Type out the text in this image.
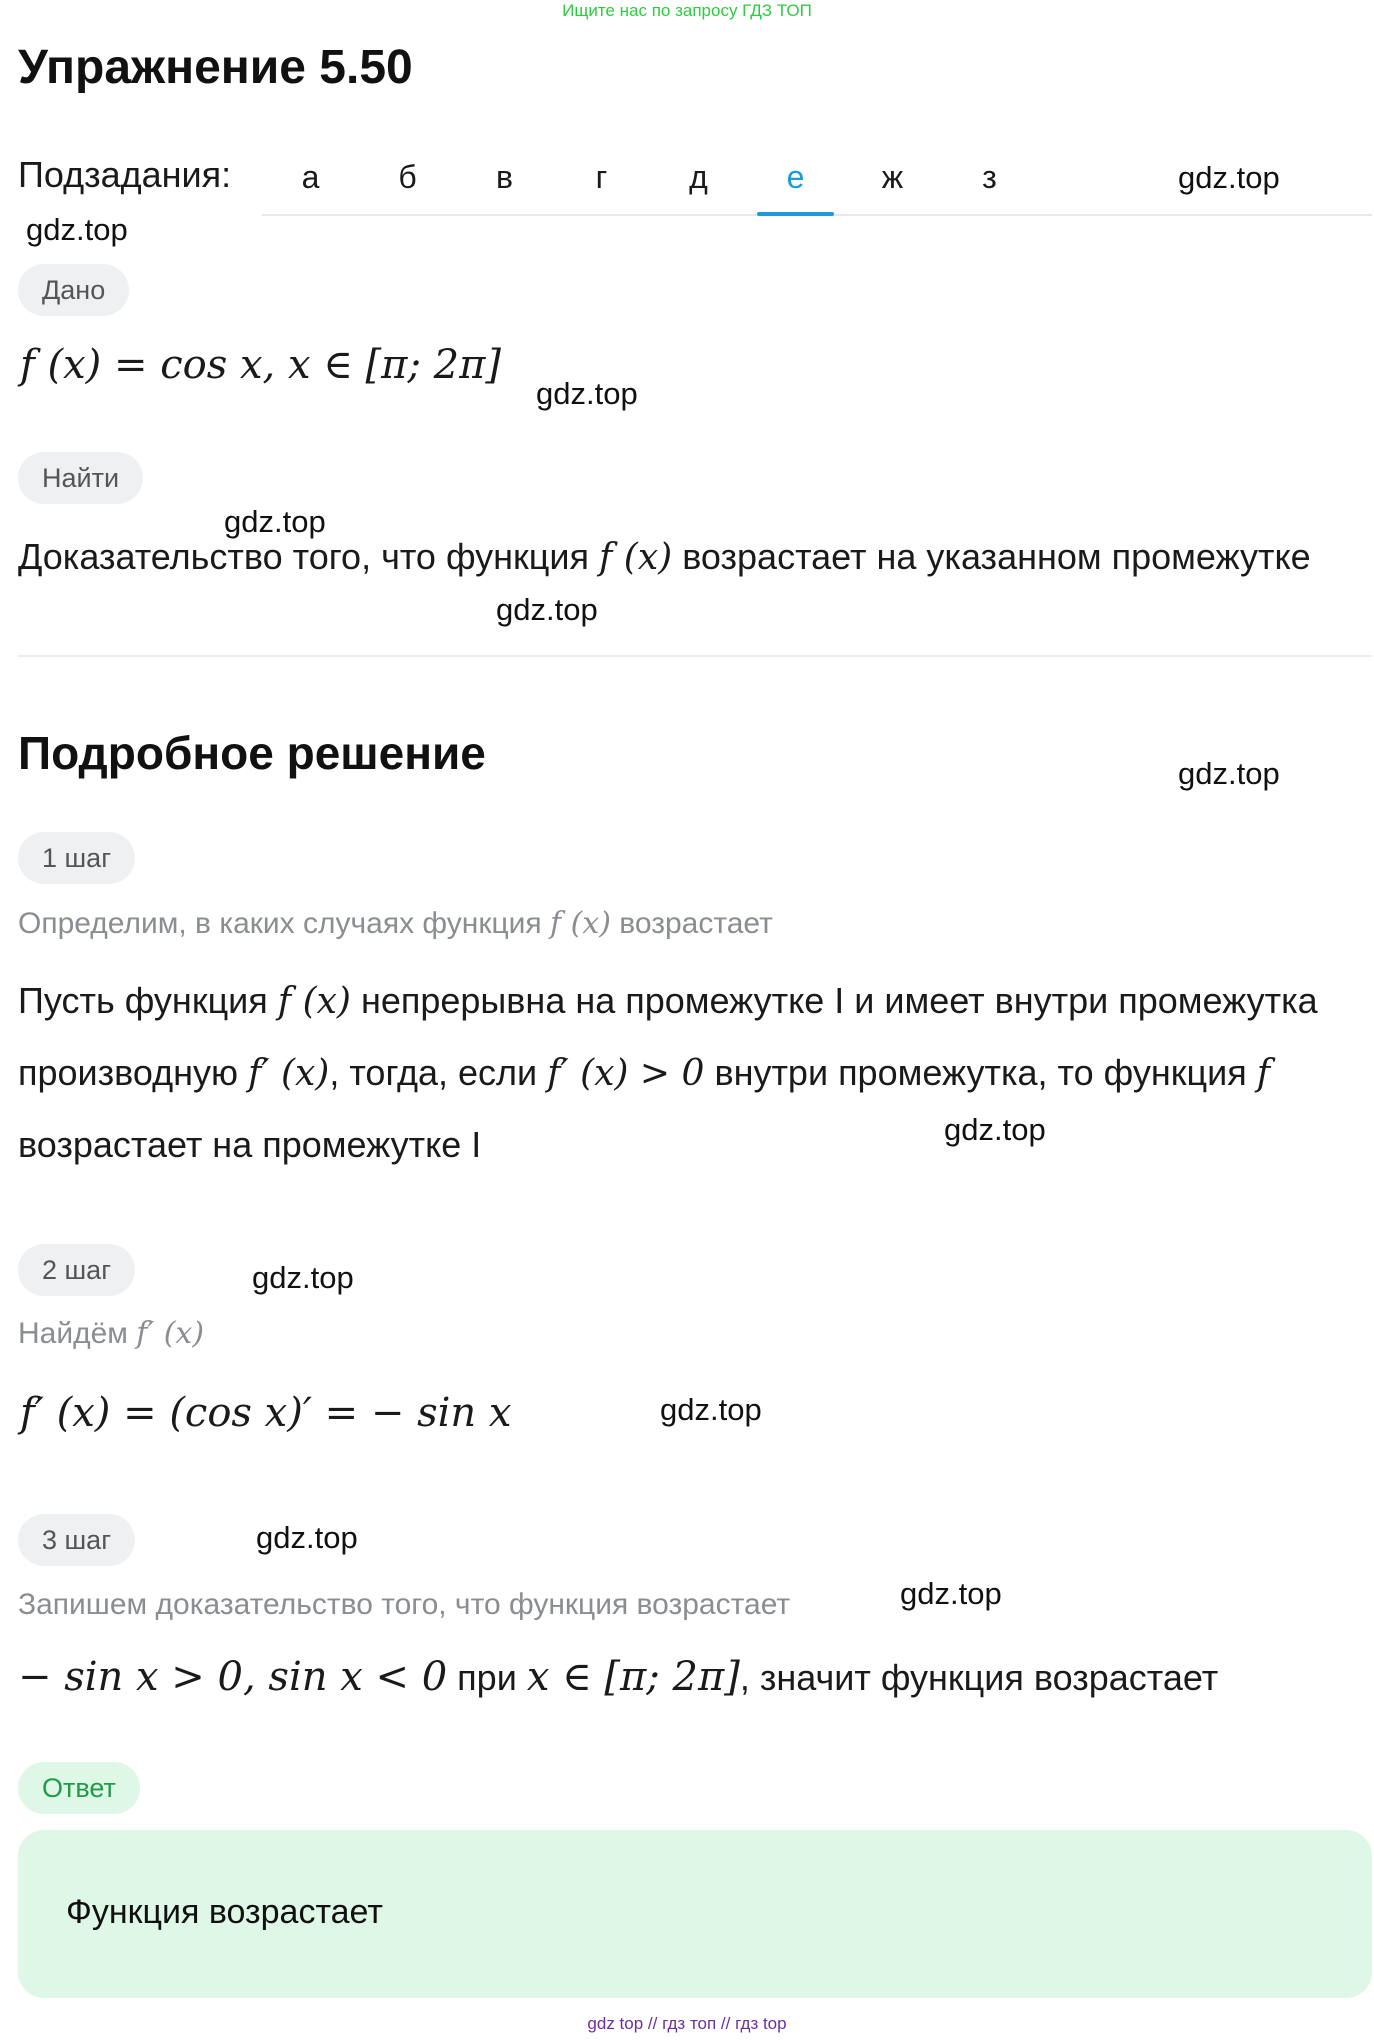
Ищите нас по запросу ГДЗ ТОП
Упражнение 5.50
Подзадания:	а	б	в	г	д	е	ж	з	gdz.top
gdz.top
gdz.top
gdz.top
gdz.top
gdz.top
gdz.top
gdz.top
gdz.top
gdz.top
gdz.top
Дано
f (x) = cos x, x ∈ [π; 2π]
Найти
Доказательство того, что функция f (x) возрастает на указанном промежутке
Подробное решение
1 шаг
Определим, в каких случаях функция f (x) возрастает
Пусть функция f (x) непрерывна на промежутке I и имеет внутри промежутка
производную f′ (x), тогда, если f′ (x) > 0 внутри промежутка, то функция f
возрастает на промежутке I
2 шаг
Найдём f′ (x)
f′ (x) = (cos x)′ = − sin x
3 шаг
Запишем доказательство того, что функция возрастает
− sin x > 0, sin x < 0 при x ∈ [π; 2π], значит функция возрастает
Ответ
Функция возрастает
gdz top // гдз топ // гдз top
